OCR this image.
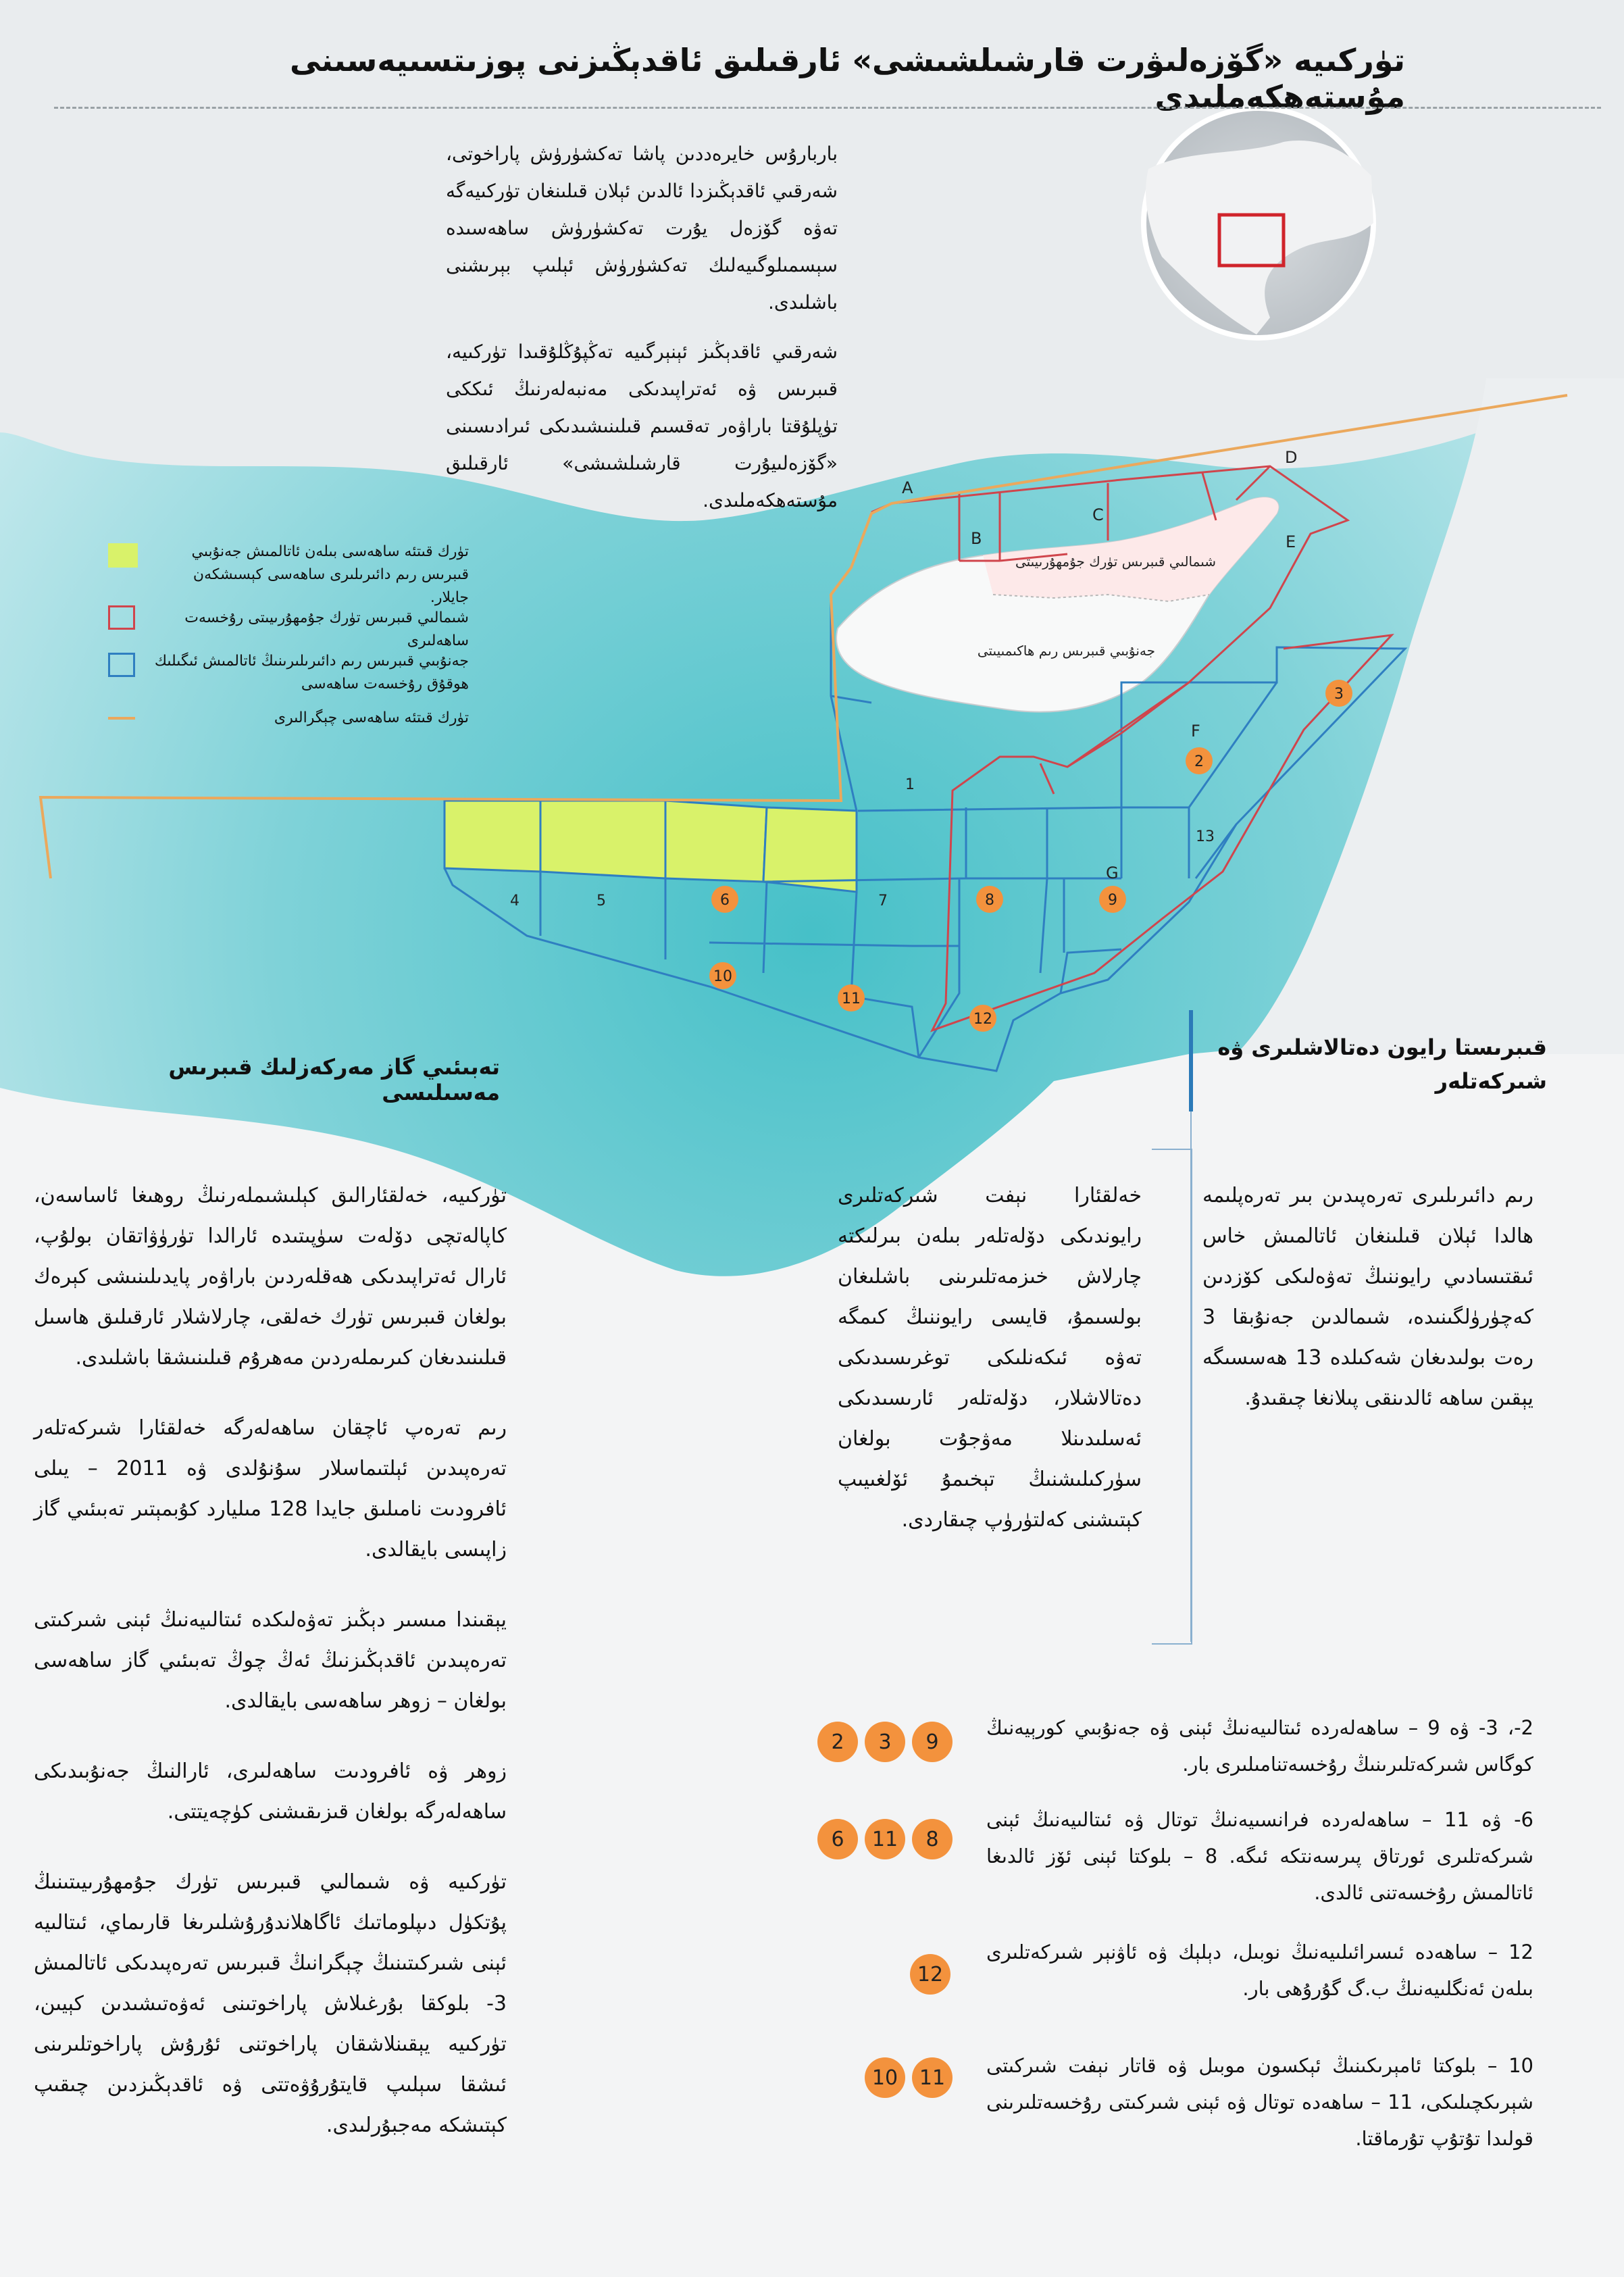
A
B
C
D
E
F
G
1
4	5	7
13
6	8	9
10
11
12
2
3
شىمالىي قىبرىس تۈرك جۇمھۇرىيىتى
جەنۇبىي قىبرىس رىم ھاكىمىيىتى
تۈركىيە «گۆزەلىۋرت قارشىلشىشى» ئارقىلىق ئاقدېڭىزنى پوزىتسىيەسىنى مۇستەھكەملىدى

باربارۇس خايرەددىن پاشا تەكشۈرۈش پاراخوتى، شەرقىي ئاقدېڭىزدا ئالدىن ئېلان قىلىنغان تۈركىيەگە تەۋە گۆزەل يۇرت تەكشۈرۈش ساھەسىدە سېسمىلوگىيەلىك تەكشۈرۈش ئېلىپ بېرىشنى باشلىدى.

شەرقىي ئاقدېڭىز ئېنېرگىيە تەڭپۇڭلۇقىدا تۈركىيە، قىبرىس ۋە ئەتراپىدىكى مەنبەلەرنىڭ ئىككى تۈپلۇقتا باراۋەر تەقسىم قىلىنىشىدىكى ئىرادىسىنى «گۆزەلىيۇرت قارشىلشىشى» ئارقىلىق مۇستەھكەملىدى.

تۈرك قىتئە ساھەسى بىلەن ئاتالمىش جەنۇبىي قىبرىس رىم دائىرىلىرى ساھەسى كېسىشكەن جايلار.
شىمالىي قىبرىس تۈرك جۇمھۇرىيىتى رۇخسەت ساھەلىرى
جەنۇبىي قىبرىس رىم دائىرىلىرىنىڭ ئاتالمىش ئىگىلىك ھوقۇق رۇخسەت ساھەسى
تۈرك قىتئە ساھەسى چېگرالىرى
تەبىئىي گاز مەركەزلىك قىبرىس مەسىلىسى
قىبرىستا رايون دەتالاشلىرى ۋە شىركەتلەر

تۈركىيە، خەلقئارالىق كېلىشىملەرنىڭ روھىغا ئاساسەن، كاپالەتچى دۆلەت سۈپىتىدە ئارالدا تۈرۈۋاتقان بولۇپ، ئارال ئەتراپىدىكى ھەقلەردىن باراۋەر پايدىلىنىشى كېرەك بولغان قىبرىس تۈرك خەلقى، چارلاشلار ئارقىلىق ھاسىل قىلىنىدىغان كىرىملەردىن مەھرۇم قىلىنىشقا باشلىدى.

رىم تەرەپ ئاچقان ساھەلەرگە خەلقئارا شىركەتلەر تەرەپىدىن ئېلتىماسلار سۇنۇلدى ۋە 2011 – يىلى ئافرودىت نامىلىق جايدا 128 مىليارد كۇبمېتىر تەبىئىي گاز زاپىسى بايقالدى.

يېقىندا مىسىر دېڭىز تەۋەلىكدە ئىتالىيەنىڭ ئېنى شىركىتى تەرەپىدىن ئاقدېڭىزنىڭ ئەڭ چوڭ تەبىئىي گاز ساھەسى بولغان – زوھر ساھەسى بايقالدى.

زوھر ۋە ئافرودىت ساھەلىرى، ئارالنىڭ جەنۇبىدىكى ساھەلەرگە بولغان قىزىقىشنى كۈچەيتتى.

تۈركىيە ۋە شىمالىي قىبرىس تۈرك جۇمھۇرىيىتىنىڭ پۇتكۈل دىپلوماتىك ئاگاھلاندۇرۇشلىرىغا قارىماي، ئىتالىيە ئېنى شىركىتىنىڭ چېگرانىڭ قىبرىس تەرەپىدىكى ئاتالمىش 3- بلوكقا بۇرغىلاش پاراخوتىنى ئەۋەتىشىدىن كېيىن، تۈركىيە يېقىنلاشقان پاراخوتنى ئۇرۇش پاراخوتلىرىنى ئىشقا سېلىپ قايتۇرۇۋەتتى ۋە ئاقدېڭىزدىن چىقىپ كېتىشكە مەجبۇرلىدى.

خەلقئارا نېفت شىركەتلىرى رايوندىكى دۆلەتلەر بىلەن بىرلىكتە چارلاش خىزمەتلىرىنى باشلىغان بولسىمۇ، قايسى رايوننىڭ كىمگە تەۋە ئىكەنلىكى توغرىسىدىكى دەتالاشلار، دۆلەتلەر ئارىسىدىكى ئەسلىدىنلا مەۋجۇت بولغان سۈركىلىشنىڭ تېخىمۇ ئۆلغىيىپ كېتىشنى كەلتۈرۈپ چىقاردى.

رىم دائىرىلىرى تەرەپىدىن بىر تەرەپلىمە ھالدا ئېلان قىلىنغان ئاتالمىش خاس ئىقتىسادىي رايوننىڭ تەۋەلىكى كۆزدىن كەچۈرۈلگىنىدە، شىمالدىن جەنۇبقا 3 رەت بولىدىغان شەكىلدە 13 ھەسسىگە يېقىن ساھە ئالدىنقى پىلانغا چىقىدۇ.

2	3	9
2-، 3- ۋە 9 – ساھەلەردە ئىتالىيەنىڭ ئېنى ۋە جەنۇبىي كورېيەنىڭ كوگاس شىركەتلىرىنىڭ رۇخسەتنامىلىرى بار.
6	11	8
6- ۋە 11 – ساھەلەردە فرانسىيەنىڭ توتال ۋە ئىتالىيەنىڭ ئېنى شىركەتلىرى ئورتاق پىرسەنتكە ئىگە. 8 – بلوكتا ئېنى ئۆز ئالدىغا ئاتالمىش رۇخسەتنى ئالدى.
12
12 – ساھەدە ئىسرائىلىيەنىڭ نوبىل، دېلېك ۋە ئاۋنېر شىركەتلىرى بىلەن ئەنگلىيەنىڭ ب.گ گۇرۇھى بار.
10	11
10 – بلوكتا ئامېرىكىنىڭ ئېكسون موبىل ۋە قاتار نېفت شىركىتى شېرىكچىلىكى، 11 – ساھەدە توتال ۋە ئېنى شىركىتى رۇخسەتلىرىنى قولىدا تۇتۇپ تۇرماقتا.
